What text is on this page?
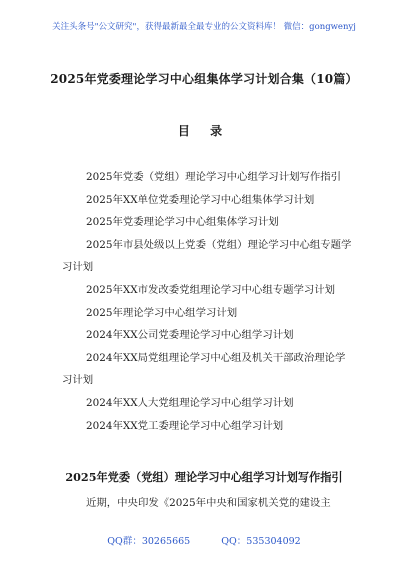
关注头条号"公文研究"，获得最新最全最专业的公文资料库！ 微信：gongwenyj
2025年党委理论学习中心组集体学习计划合集（10篇）
目 录
2025年党委（党组）理论学习中心组学习计划写作指引
2025年XX单位党委理论学习中心组集体学习计划
2025年党委理论学习中心组集体学习计划
2025年市县处级以上党委（党组）理论学习中心组专题学习计划
2025年XX市发改委党组理论学习中心组专题学习计划
2025年理论学习中心组学习计划
2024年XX公司党委理论学习中心组学习计划
2024年XX局党组理论学习中心组及机关干部政治理论学习计划
2024年XX人大党组理论学习中心组学习计划
2024年XX党工委理论学习中心组学习计划
2025年党委（党组）理论学习中心组学习计划写作指引
近期，中央印发《2025年中央和国家机关党的建设主
QQ群：30265665	QQ：535304092
